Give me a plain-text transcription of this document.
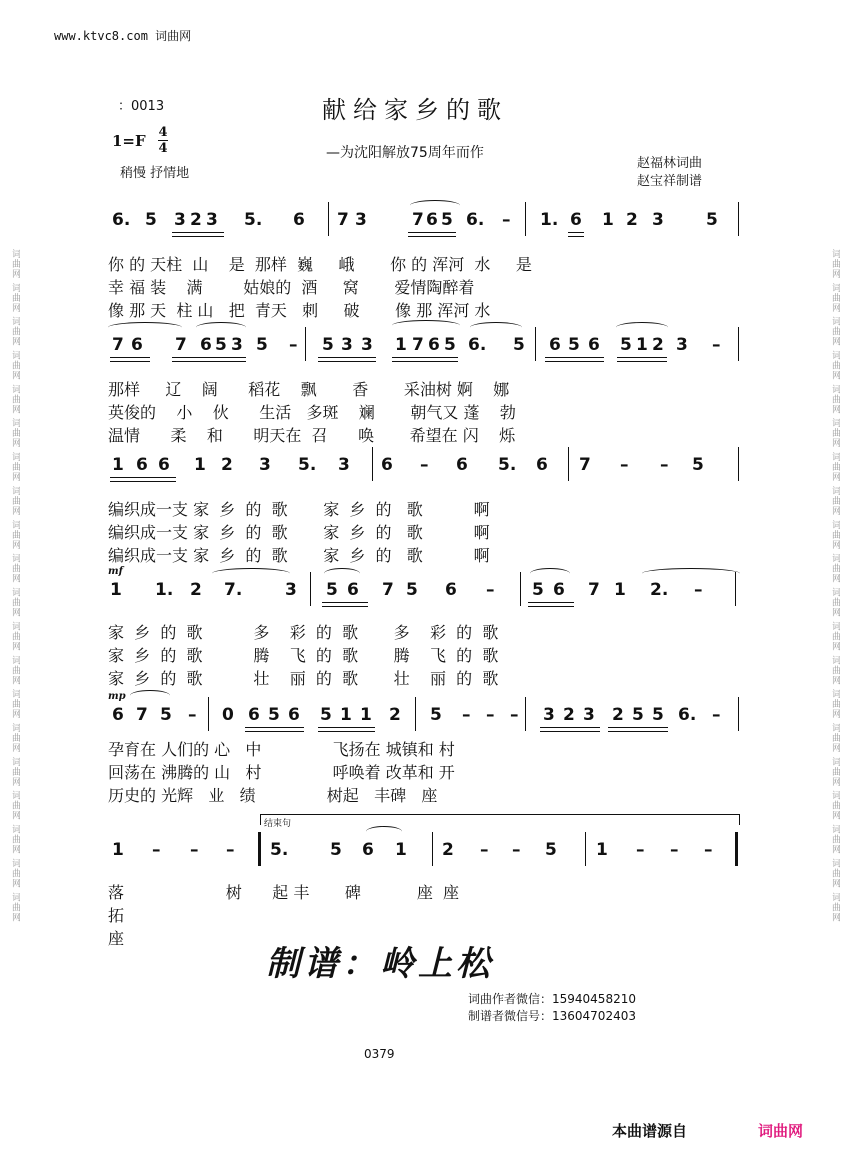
词曲网 词曲网 词曲网 词曲网 词曲网 词曲网 词曲网 词曲网 词曲网 词曲网 词曲网 词曲网 词曲网 词曲网 词曲网 词曲网 词曲网 词曲网 词曲网 词曲网	词曲网 词曲网 词曲网 词曲网 词曲网 词曲网 词曲网 词曲网 词曲网 词曲网 词曲网 词曲网 词曲网 词曲网 词曲网 词曲网 词曲网 词曲网 词曲网 词曲网
www.ktvc8.com 词曲网
：0013	献给家乡的歌
1=F 4
4
稍慢 抒情地
—为沈阳解放75周年而作
赵福林词曲
赵宝祥制谱
6. 5 3 2 3 5. 6 7 3	7 6 5 6. – 1. 6 1 2 3 5
你 的 天柱  山    是  那样  巍     峨       你 的 浑河  水     是
幸 福 装    满        姑娘的  酒     窝       爱情陶醉着
像 那 天  柱 山   把  青天   刺     破       像 那 浑河 水
7 6 7 6 5 3 5 – 5 3 3 1 7 6 5 6. 5 6 5 6 5 1 2 3 –
那样     辽    阔      稻花    飘       香       采油树 婀    娜
英俊的    小    伙      生活   多斑    斓       朝气又 蓬    勃
温情      柔    和      明天在  召      唤       希望在 闪    烁
1 6 6 1 2 3 5. 3 6 – 6 5. 6 7 – – 5
编织成一支 家  乡  的  歌       家  乡  的   歌          啊
编织成一支 家  乡  的  歌       家  乡  的   歌          啊
编织成一支 家  乡  的  歌       家  乡  的   歌          啊
1 1. 2 7.	3 5 6 7 5 6 – 5 6 7 1 2. –
家  乡  的  歌          多    彩  的  歌       多    彩  的  歌
家  乡  的  歌          腾    飞  的  歌       腾    飞  的  歌
家  乡  的  歌          壮    丽  的  歌       壮    丽  的  歌
mf
6 7 5 – 0 6 5 6 5 1 1 2 5 – – – 3 2 3 2 5 5 6. –
孕育在 人们的 心   中              飞扬在 城镇和 村
回荡在 沸腾的 山   村              呼唤着 改革和 开
历史的 光辉   业   绩              树起   丰碑   座
mp
1 – – – 5. 5 6 1 2 – – 5 1 – – –
落                    树      起 丰       碑           座  座
拓
座
结束句
制谱：岭上松
词曲作者微信：15940458210
制谱者微信号：13604702403
0379
本曲谱源自	词曲网
